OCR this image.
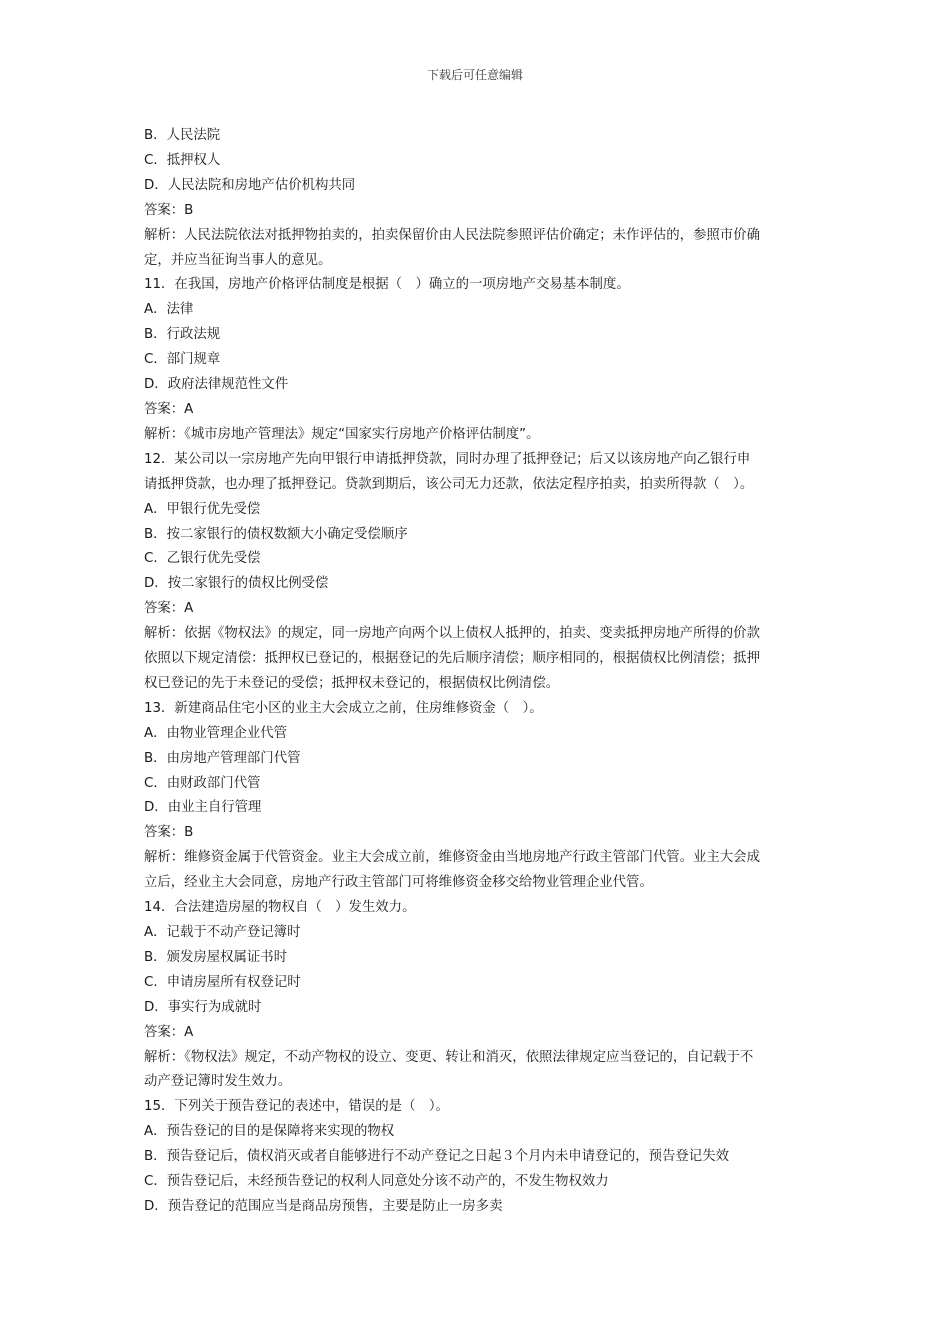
下载后可任意编辑

B．人民法院

C．抵押权人

D．人民法院和房地产估价机构共同

答案：B

解析：人民法院依法对抵押物拍卖的，拍卖保留价由人民法院参照评估价确定；未作评估的，参照市价确

定，并应当征询当事人的意见。

11．在我国，房地产价格评估制度是根据（　）确立的一项房地产交易基本制度。

A．法律

B．行政法规

C．部门规章

D．政府法律规范性文件

答案：A

解析：《城市房地产管理法》规定“国家实行房地产价格评估制度”。

12．某公司以一宗房地产先向甲银行申请抵押贷款，同时办理了抵押登记；后又以该房地产向乙银行申

请抵押贷款，也办理了抵押登记。贷款到期后，该公司无力还款，依法定程序拍卖，拍卖所得款（　）。

A．甲银行优先受偿

B．按二家银行的债权数额大小确定受偿顺序

C．乙银行优先受偿

D．按二家银行的债权比例受偿

答案：A

解析：依据《物权法》的规定，同一房地产向两个以上债权人抵押的，拍卖、变卖抵押房地产所得的价款

依照以下规定清偿：抵押权已登记的，根据登记的先后顺序清偿；顺序相同的，根据债权比例清偿；抵押

权已登记的先于未登记的受偿；抵押权未登记的，根据债权比例清偿。

13．新建商品住宅小区的业主大会成立之前，住房维修资金（　）。

A．由物业管理企业代管

B．由房地产管理部门代管

C．由财政部门代管

D．由业主自行管理

答案：B

解析：维修资金属于代管资金。业主大会成立前，维修资金由当地房地产行政主管部门代管。业主大会成

立后，经业主大会同意，房地产行政主管部门可将维修资金移交给物业管理企业代管。

14．合法建造房屋的物权自（　）发生效力。

A．记载于不动产登记簿时

B．颁发房屋权属证书时

C．申请房屋所有权登记时

D．事实行为成就时

答案：A

解析：《物权法》规定，不动产物权的设立、变更、转让和消灭，依照法律规定应当登记的，自记载于不

动产登记簿时发生效力。

15．下列关于预告登记的表述中，错误的是（　）。

A．预告登记的目的是保障将来实现的物权

B．预告登记后，债权消灭或者自能够进行不动产登记之日起３个月内未申请登记的，预告登记失效

C．预告登记后，未经预告登记的权利人同意处分该不动产的，不发生物权效力

D．预告登记的范围应当是商品房预售，主要是防止一房多卖
